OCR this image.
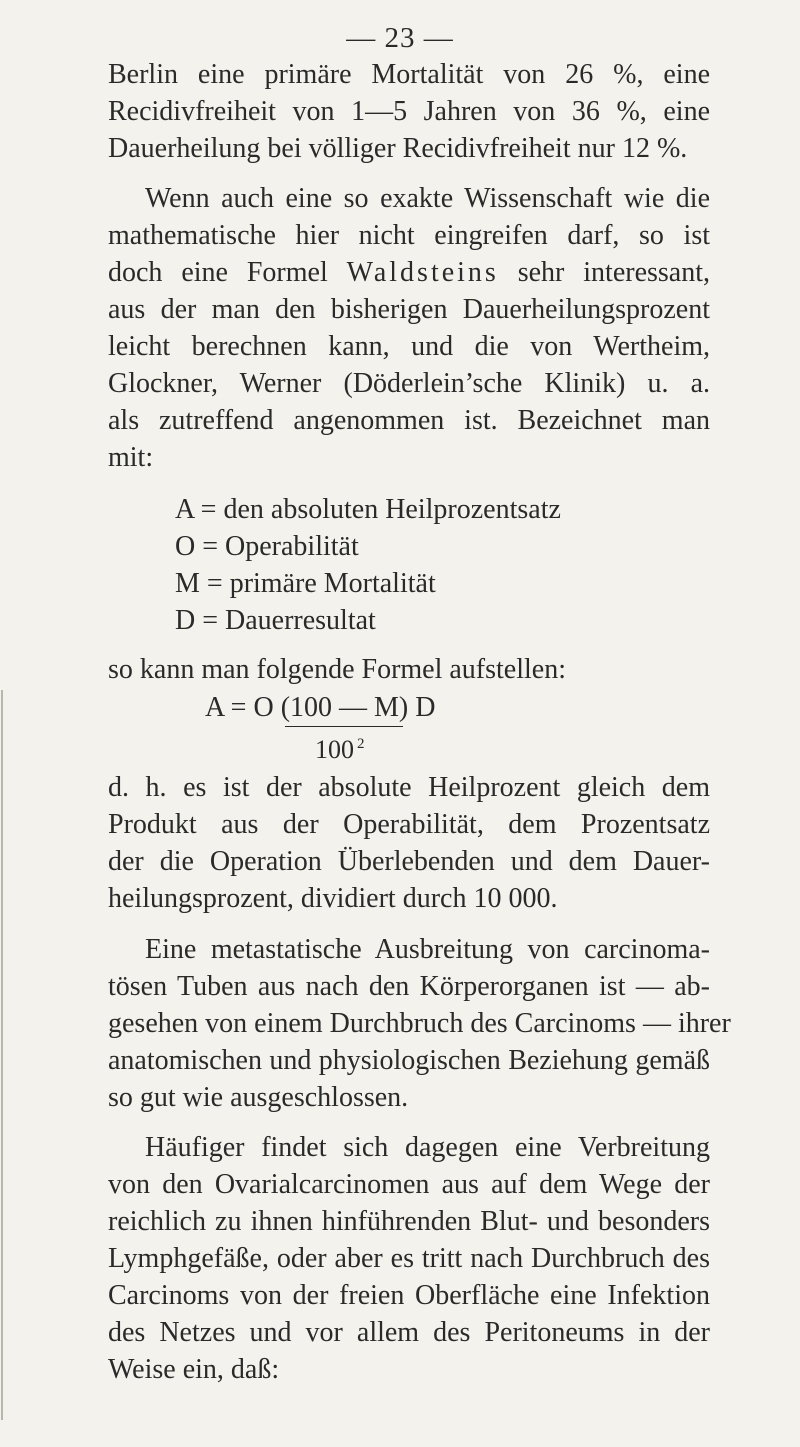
— 23 —
Berlin eine primäre Mortalität von 26 %, eine
Recidivfreiheit von 1—5 Jahren von 36 %, eine
Dauerheilung bei völliger Recidivfreiheit nur 12 %.
Wenn auch eine so exakte Wissenschaft wie die
mathematische hier nicht eingreifen darf, so ist
doch eine Formel Waldsteins sehr interessant,
aus der man den bisherigen Dauerheilungsprozent
leicht berechnen kann, und die von Wertheim,
Glockner, Werner (Döderlein’sche Klinik) u. a.
als zutreffend angenommen ist. Bezeichnet man
mit:
A = den absoluten Heilprozentsatz
O = Operabilität
M = primäre Mortalität
D = Dauerresultat
so kann man folgende Formel aufstellen:
A = O (100 — M) D
100 $^2$
d. h. es ist der absolute Heilprozent gleich dem
Produkt aus der Operabilität, dem Prozentsatz
der die Operation Überlebenden und dem Dauer-
heilungsprozent, dividiert durch 10 000.
Eine metastatische Ausbreitung von carcinoma-
tösen Tuben aus nach den Körperorganen ist — ab-
gesehen von einem Durchbruch des Carcinoms — ihrer
anatomischen und physiologischen Beziehung gemäß
so gut wie ausgeschlossen.
Häufiger findet sich dagegen eine Verbreitung
von den Ovarialcarcinomen aus auf dem Wege der
reichlich zu ihnen hinführenden Blut- und besonders
Lymphgefäße, oder aber es tritt nach Durchbruch des
Carcinoms von der freien Oberfläche eine Infektion
des Netzes und vor allem des Peritoneums in der
Weise ein, daß:
